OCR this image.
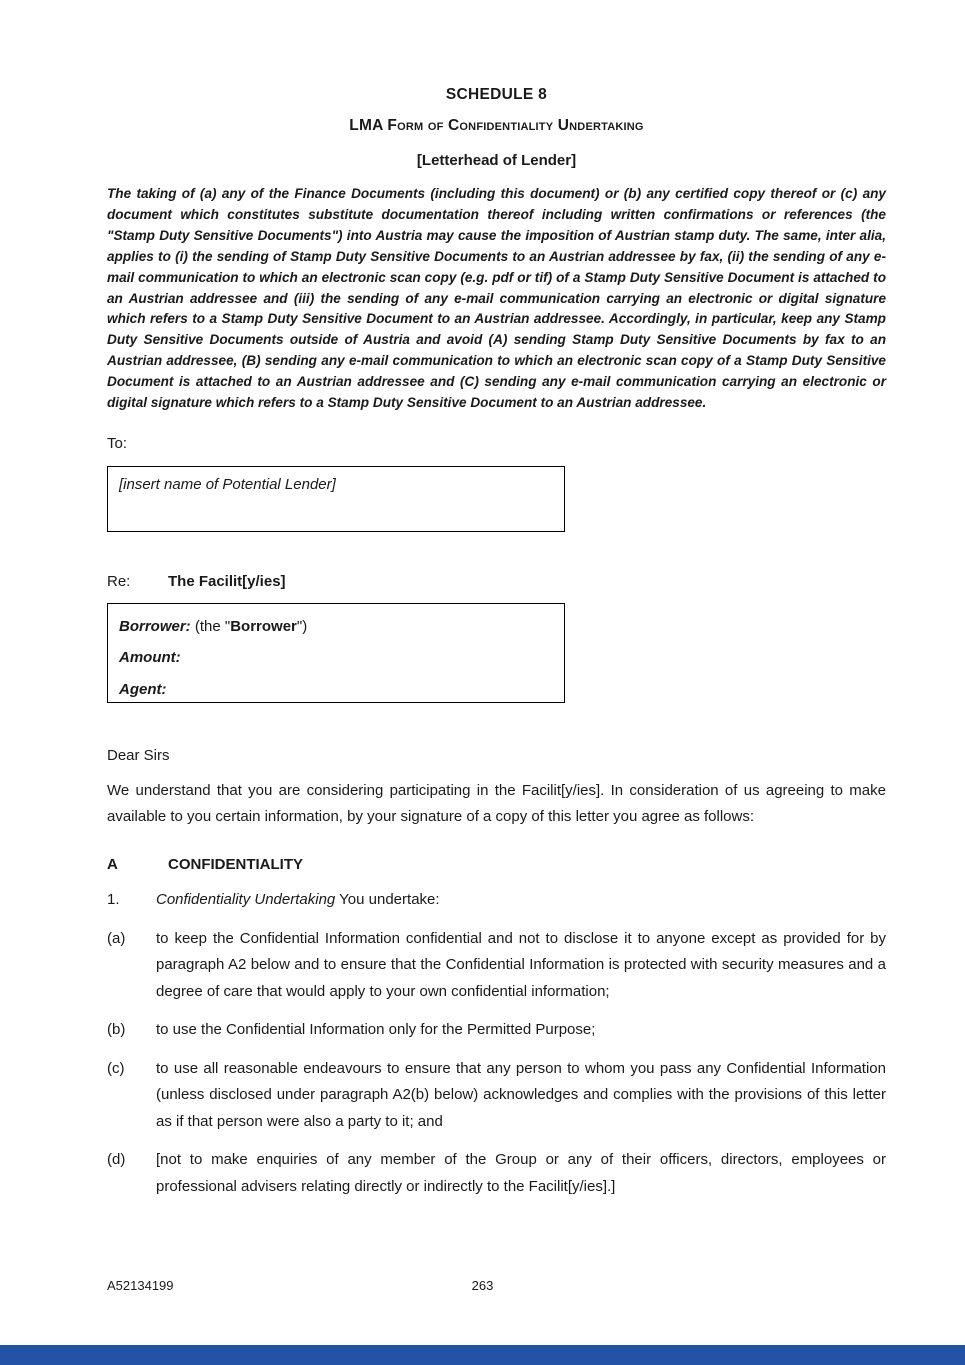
SCHEDULE 8
LMA Form of Confidentiality Undertaking

[Letterhead of Lender]

The taking of (a) any of the Finance Documents (including this document) or (b) any certified copy thereof or (c) any document which constitutes substitute documentation thereof including written confirmations or references (the "Stamp Duty Sensitive Documents") into Austria may cause the imposition of Austrian stamp duty. The same, inter alia, applies to (i) the sending of Stamp Duty Sensitive Documents to an Austrian addressee by fax, (ii) the sending of any e-mail communication to which an electronic scan copy (e.g. pdf or tif) of a Stamp Duty Sensitive Document is attached to an Austrian addressee and (iii) the sending of any e-mail communication carrying an electronic or digital signature which refers to a Stamp Duty Sensitive Document to an Austrian addressee. Accordingly, in particular, keep any Stamp Duty Sensitive Documents outside of Austria and avoid (A) sending Stamp Duty Sensitive Documents by fax to an Austrian addressee, (B) sending any e-mail communication to which an electronic scan copy of a Stamp Duty Sensitive Document is attached to an Austrian addressee and (C) sending any e-mail communication carrying an electronic or digital signature which refers to a Stamp Duty Sensitive Document to an Austrian addressee.

To:

[insert name of Potential Lender]

Re:	The Facilit[y/ies]

Borrower: (the "Borrower")

Amount:

Agent:

Dear Sirs

We understand that you are considering participating in the Facilit[y/ies]. In consideration of us agreeing to make available to you certain information, by your signature of a copy of this letter you agree as follows:

A	CONFIDENTIALITY
1.	Confidentiality Undertaking You undertake:
(a)	to keep the Confidential Information confidential and not to disclose it to anyone except as provided for by paragraph A2 below and to ensure that the Confidential Information is protected with security measures and a degree of care that would apply to your own confidential information;
(b)	to use the Confidential Information only for the Permitted Purpose;
(c)	to use all reasonable endeavours to ensure that any person to whom you pass any Confidential Information (unless disclosed under paragraph A2(b) below) acknowledges and complies with the provisions of this letter as if that person were also a party to it; and
(d)	[not to make enquiries of any member of the Group or any of their officers, directors, employees or professional advisers relating directly or indirectly to the Facilit[y/ies].]
A52134199	263
